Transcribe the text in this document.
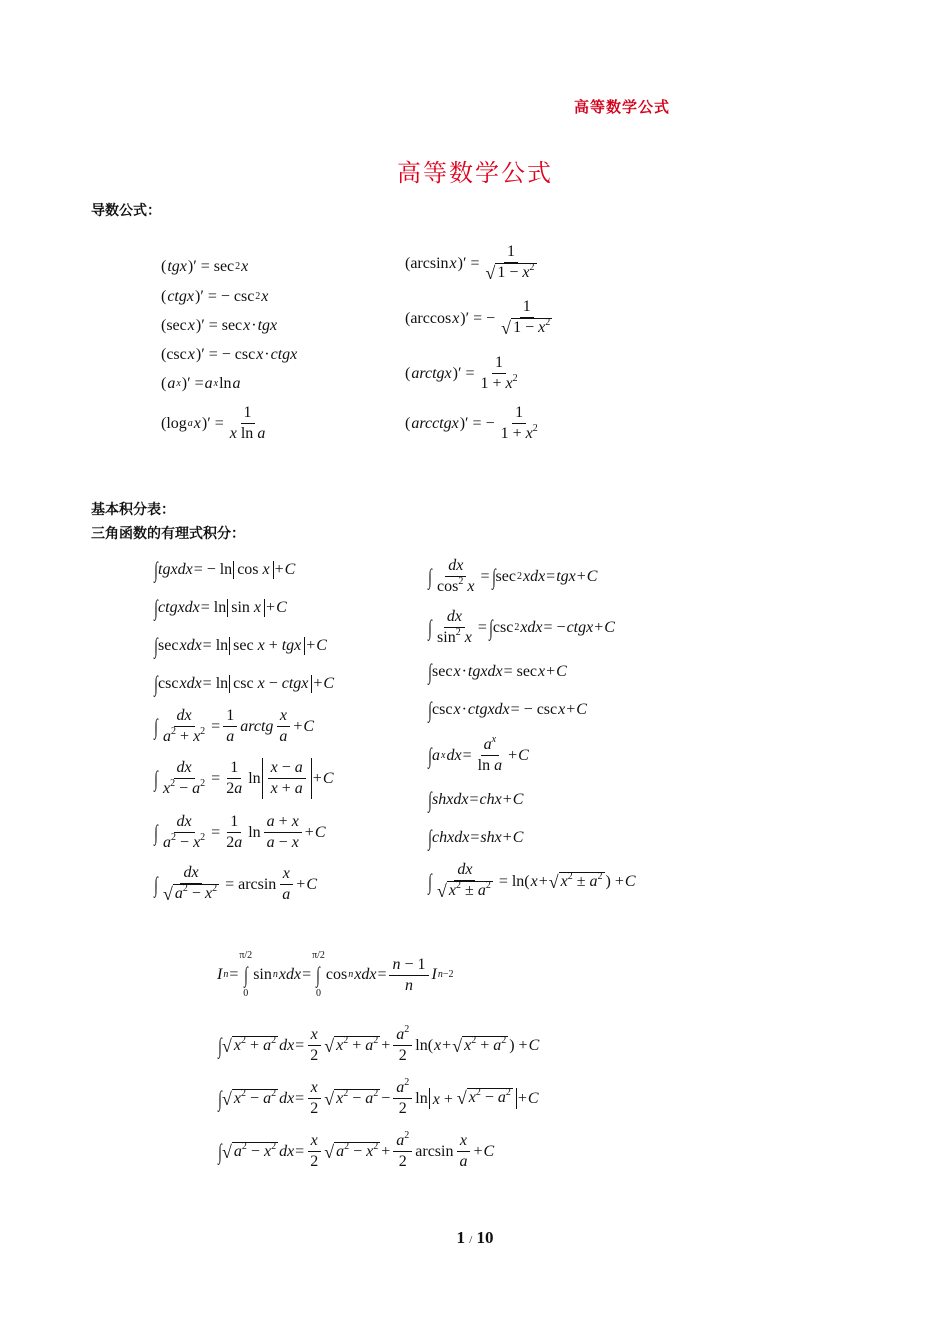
高等数学公式
高等数学公式
导数公式：
( tgx )′ = sec 2 x
( ctgx )′ = − csc 2 x
(sec x )′ = sec x · tgx
(csc x )′ = − csc x · ctgx
( a x )′ = a x ln a
(log a x )′ = $\frac{1}{\text{x ln a}}$
(arcsin x )′ = $\frac{1}{√ 1 - x^2}$
(arccos x )′ = − $\frac{1}{√ 1 - x^2}$
( arctgx )′ = $\frac{1}{1 + x^2}$
( arcctgx )′ = − $\frac{1}{1 + x^2}$
基本积分表：
三角函数的有理式积分：
∫ tgxdx = − ln cos x + C
∫ ctgxdx = ln sin x + C
∫ sec xdx = ln sec x + tgx + C
∫ csc xdx = ln csc x − ctgx + C
∫ $\frac{dx}{a^2 + x^2} = \frac{1}{a}$ arctg $\frac{x}{a} + C$
∫ $\frac{dx}{x^2 - a^2} = \frac{1}{2a}$ $\ln \frac{x - a}{x + a} + C$
∫ $\frac{dx}{a^2 - x^2} = \frac{1}{2a}$ $\ln \frac{a + x}{a - x} + C$
∫ $\frac{dx}{√ a^2 - x^2} = \arcsin \frac{x}{a} + C$
∫ $\frac{dx}{\cos^2 x}$ = ∫ sec 2 xdx = tgx + C
∫ $\frac{dx}{\sin^2 x}$ = ∫ csc 2 xdx = − ctgx + C
∫ sec x · tgxdx = sec x + C
∫ csc x · ctgxdx = − csc x + C
∫ a x dx = $\frac{a^x}{\text{ln a}} + C$
∫ shxdx = chx + C
∫ chxdx = shx + C
∫ $\frac{dx}{√ x^2 \pm a^2} = \ln$( x + √ $x^2 \pm a^2$ ) + C
I n =
π/2
∫
0
sin n xdx =
π/2
∫
0
cos n xdx = $\frac{n - 1}{n}$ I n−2
∫ √ $x^2 + a^2$ dx = $\frac{x}{2}$ √ $x^2 + a^2 + \frac{a^2}{2} \ln$( x + √ $x^2 + a^2$ ) + C
∫ √ $x^2 - a^2$ dx = $\frac{x}{2}$ √ $x^2 - a^2 - \frac{a^2}{2}$ ln x + √ $x^2 - a^2 + C$
∫ √ $a^2 - x^2$ dx = $\frac{x}{2}$ √ $a^2 - x^2 + \frac{a^2}{2}$ $\arcsin \frac{x}{a} + C$
1 / 10
